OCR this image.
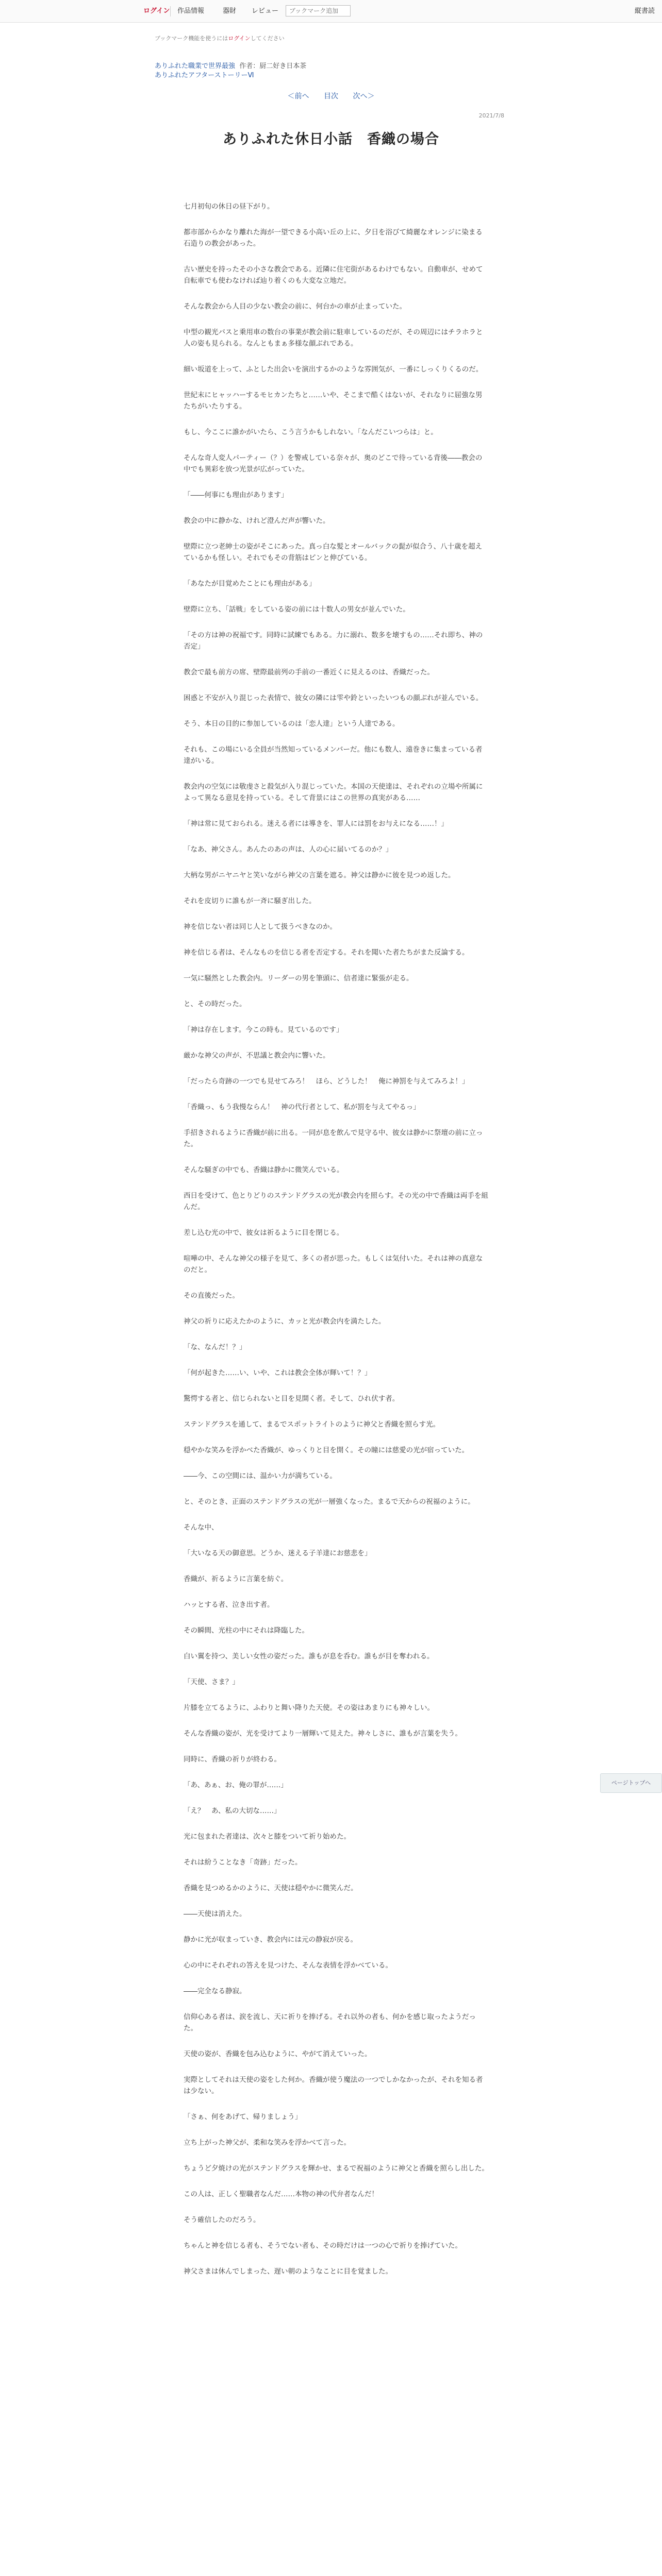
ログイン 作品情報	器財 レビュー
ブックマーク追加	縦書読
ブックマーク機能を使うにはログインしてください
ありふれた職業で世界最強 作者：厨二好き日本茶
ありふれたアフターストーリーⅥ
＜前へ 目次 次へ＞
2021/7/8
ありふれた休日小話　香織の場合

七月初旬の休日の昼下がり。

都市部からかなり離れた海が一望できる小高い丘の上に、夕日を浴びて綺麗なオレンジに染まる石造りの教会があった。

古い歴史を持ったその小さな教会である。近隣に住宅街があるわけでもない。自動車が、せめて自転車でも使わなければ辿り着くのも大変な立地だ。

そんな教会から人目の少ない教会の前に、何台かの車が止まっていた。

中型の観光バスと乗用車の数台の事業が教会前に駐車しているのだが、その周辺にはチラホラと人の姿も見られる。なんともまぁ多様な顔ぶれである。

細い坂道を上って、ふとした出会いを演出するかのような雰囲気が、一番にしっくりくるのだ。

世紀末にヒャッハーするモヒカンたちと……いや、そこまで酷くはないが、それなりに屈強な男たちがいたりする。

もし、今ここに誰かがいたら、こう言うかもしれない。「なんだこいつらは」と。

そんな奇人変人パーティー（？）を警戒している奈々が、奥のどこで待っている背後――教会の中でも異彩を放つ光景が広がっていた。

「――何事にも理由があります」

教会の中に静かな、けれど澄んだ声が響いた。

壁際に立つ老紳士の姿がそこにあった。真っ白な髪とオールバックの髭が似合う、八十歳を超えているかも怪しい。それでもその背筋はピンと伸びている。

「あなたが目覚めたことにも理由がある」

壁際に立ち、「話戦」をしている姿の前には十数人の男女が並んでいた。

「その方は神の祝福です。同時に試練でもある。力に溺れ、数多を壊すもの……それ即ち、神の否定」

教会で最も前方の席、壁際最前列の手前の一番近くに見えるのは、香織だった。

困惑と不安が入り混じった表情で、彼女の隣には雫や鈴といったいつもの顔ぶれが並んでいる。

そう、本日の目的に参加しているのは「恋人達」という人達である。

それも、この場にいる全員が当然知っているメンバーだ。他にも数人、遠巻きに集まっている者達がいる。

教会内の空気には敬虔さと殺気が入り混じっていた。本国の天使達は、それぞれの立場や所属によって異なる意見を持っている。そして背景にはこの世界の真実がある……

「神は常に見ておられる。迷える者には導きを、罪人には罰をお与えになる……！」

「なあ、神父さん。あんたのあの声は、人の心に届いてるのか？」

大柄な男がニヤニヤと笑いながら神父の言葉を遮る。神父は静かに彼を見つめ返した。

それを皮切りに誰もが一斉に騒ぎ出した。

神を信じない者は同じ人として扱うべきなのか。

神を信じる者は、そんなものを信じる者を否定する。それを聞いた者たちがまた反論する。

一気に騒然とした教会内。リーダーの男を筆頭に、信者達に緊張が走る。

と、その時だった。

「神は存在します。今この時も。見ているのです」

厳かな神父の声が、不思議と教会内に響いた。

「だったら奇跡の一つでも見せてみろ！　ほら、どうした！　俺に神罰を与えてみろよ！」

「香織っ、もう我慢ならん！　神の代行者として、私が罰を与えてやるっ」

手招きされるように香織が前に出る。一同が息を飲んで見守る中、彼女は静かに祭壇の前に立った。

そんな騒ぎの中でも、香織は静かに微笑んでいる。

西日を受けて、色とりどりのステンドグラスの光が教会内を照らす。その光の中で香織は両手を組んだ。

差し込む光の中で、彼女は祈るように目を閉じる。

喧嘩の中、そんな神父の様子を見て、多くの者が思った。もしくは気付いた。それは神の真意なのだと。

その直後だった。

神父の祈りに応えたかのように、カッと光が教会内を満たした。

「な、なんだ！？」

「何が起きた……い、いや、これは教会全体が輝いて！？」

驚愕する者と、信じられないと目を見開く者。そして、ひれ伏す者。

ステンドグラスを通して、まるでスポットライトのように神父と香織を照らす光。

穏やかな笑みを浮かべた香織が、ゆっくりと目を開く。その瞳には慈愛の光が宿っていた。

――今、この空間には、温かい力が満ちている。

と、そのとき、正面のステンドグラスの光が一層強くなった。まるで天からの祝福のように。

そんな中、

「大いなる天の御意思。どうか、迷える子羊達にお慈悲を」

香織が、祈るように言葉を紡ぐ。

ハッとする者、泣き出す者。

その瞬間、光柱の中にそれは降臨した。

白い翼を持つ、美しい女性の姿だった。誰もが息を呑む。誰もが目を奪われる。

「天使、さま？」

片膝を立てるように、ふわりと舞い降りた天使。その姿はあまりにも神々しい。

そんな香織の姿が、光を受けてより一層輝いて見えた。神々しさに、誰もが言葉を失う。

同時に、香織の祈りが終わる。

「あ、あぁ、お、俺の罪が……」

「え？　あ、私の大切な……」

光に包まれた者達は、次々と膝をついて祈り始めた。

それは紛うことなき「奇跡」だった。

香織を見つめるかのように、天使は穏やかに微笑んだ。

――天使は消えた。

静かに光が収まっていき、教会内には元の静寂が戻る。

心の中にそれぞれの答えを見つけた、そんな表情を浮かべている。

――完全なる静寂。

信仰心ある者は、涙を流し、天に祈りを捧げる。それ以外の者も、何かを感じ取ったようだった。

天使の姿が、香織を包み込むように、やがて消えていった。

実際としてそれは天使の姿をした何か。香織が使う魔法の一つでしかなかったが、それを知る者は少ない。

「さぁ、何をあげて、帰りましょう」

立ち上がった神父が、柔和な笑みを浮かべて言った。

ちょうど夕焼けの光がステンドグラスを輝かせ、まるで祝福のように神父と香織を照らし出した。

この人は、正しく聖職者なんだ……本物の神の代弁者なんだ！

そう確信したのだろう。

ちゃんと神を信じる者も、そうでない者も、その時だけは一つの心で祈りを捧げていた。

神父さまは休んでしまった、遅い朝のようなことに目を覚ました。

ページトップへ
